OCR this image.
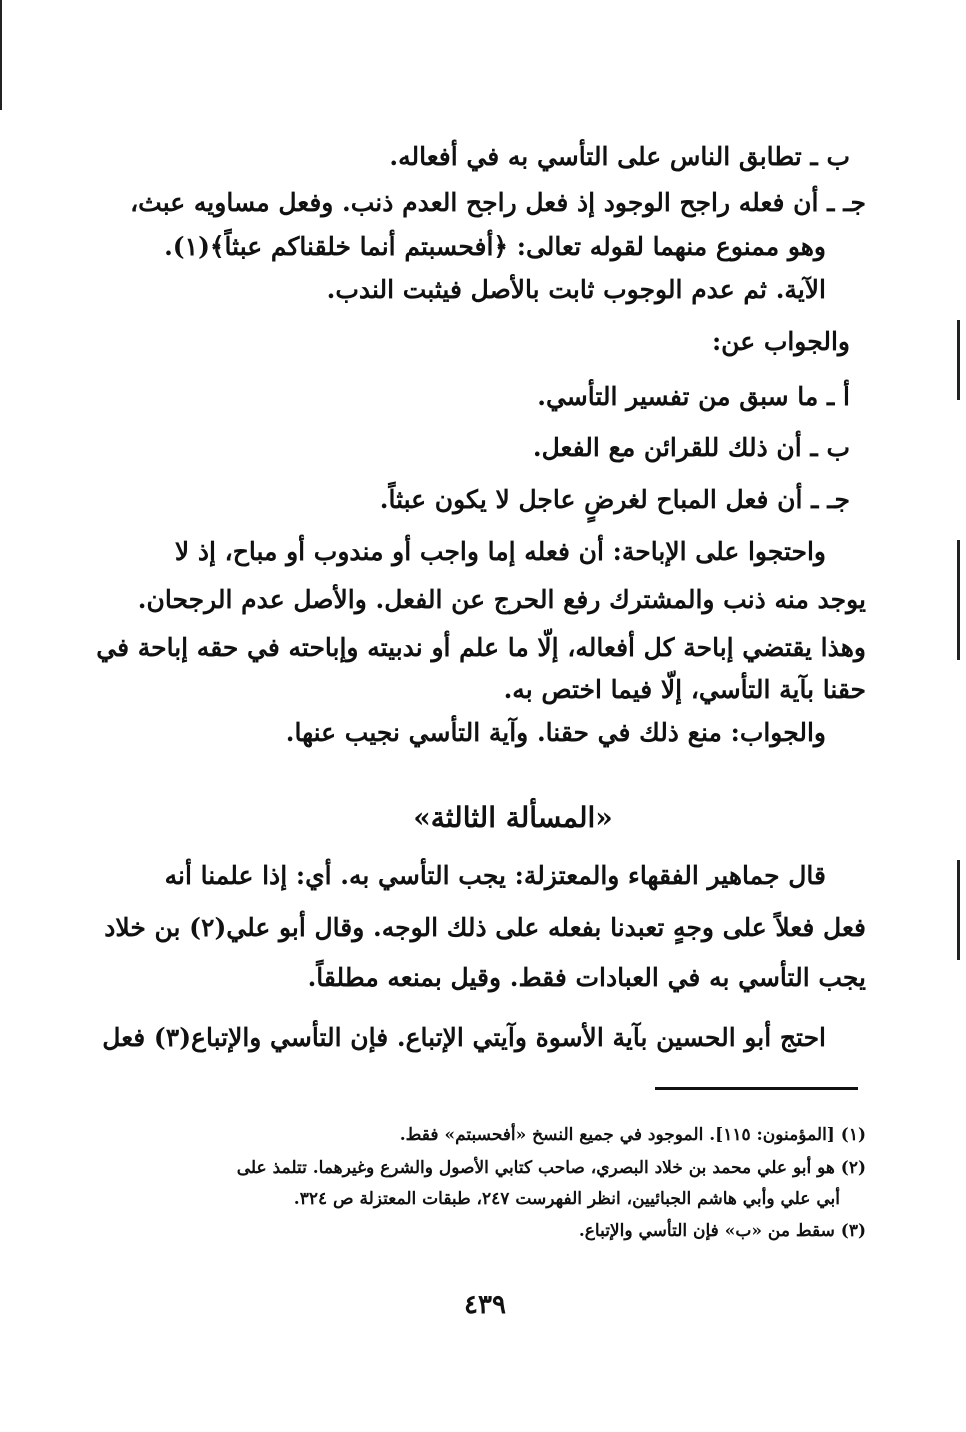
ب ـ تطابق الناس على التأسي به في أفعاله.
جـ ـ أن فعله راجح الوجود إذ فعل راجح العدم ذنب. وفعل مساويه عبث،
وهو ممنوع منهما لقوله تعالى: ﴿أفحسبتم أنما خلقناكم عبثاً﴾(١).
الآية. ثم عدم الوجوب ثابت بالأصل فيثبت الندب.
والجواب عن:
أ ـ ما سبق من تفسير التأسي.
ب ـ أن ذلك للقرائن مع الفعل.
جـ ـ أن فعل المباح لغرضٍ عاجل لا يكون عبثاً.
واحتجوا على الإباحة: أن فعله إما واجب أو مندوب أو مباح، إذ لا
يوجد منه ذنب والمشترك رفع الحرج عن الفعل. والأصل عدم الرجحان.
وهذا يقتضي إباحة كل أفعاله، إلّا ما علم أو ندبيته وإباحته في حقه إباحة في
حقنا بآية التأسي، إلّا فيما اختص به.
والجواب: منع ذلك في حقنا. وآية التأسي نجيب عنها.
«المسألة الثالثة»
قال جماهير الفقهاء والمعتزلة: يجب التأسي به. أي: إذا علمنا أنه
فعل فعلاً على وجهٍ تعبدنا بفعله على ذلك الوجه. وقال أبو علي(٢) بن خلاد
يجب التأسي به في العبادات فقط. وقيل بمنعه مطلقاً.
احتج أبو الحسين بآية الأسوة وآيتي الإتباع. فإن التأسي والإتباع(٣) فعل
(١) [المؤمنون: ١١٥]. الموجود في جميع النسخ «أفحسبتم» فقط.
(٢) هو أبو علي محمد بن خلاد البصري، صاحب كتابي الأصول والشرع وغيرهما. تتلمذ على
أبي علي وأبي هاشم الجبائيين، انظر الفهرست ٢٤٧، طبقات المعتزلة ص ٣٢٤.
(٣) سقط من «ب» فإن التأسي والإتباع.
٤٣٩
